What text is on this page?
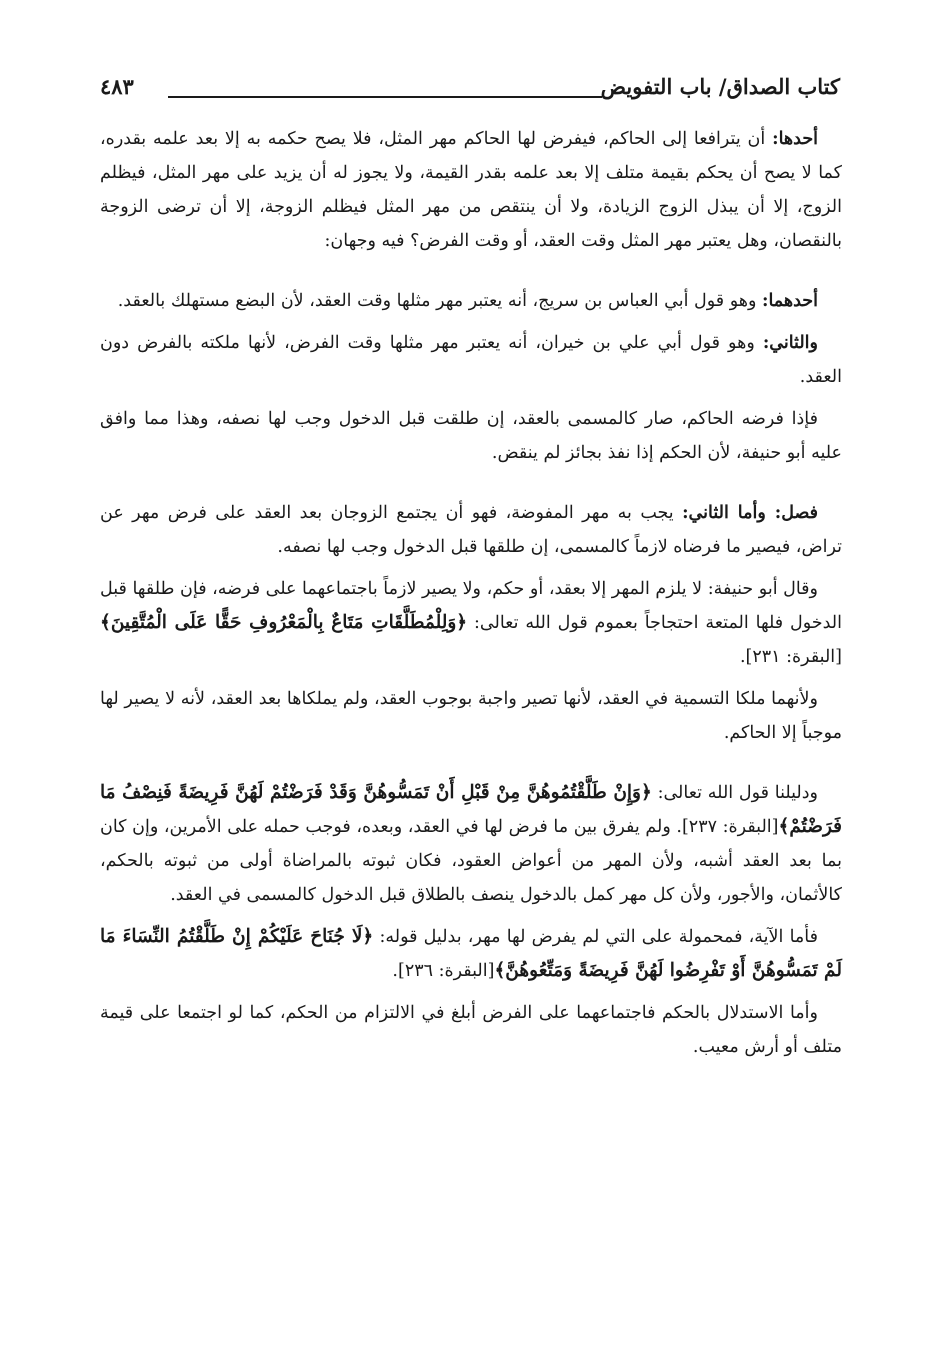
كتاب الصداق/ باب التفويض
٤٨٣

أحدها: أن يترافعا إلى الحاكم، فيفرض لها الحاكم مهر المثل، فلا يصح حكمه به إلا بعد علمه بقدره، كما لا يصح أن يحكم بقيمة متلف إلا بعد علمه بقدر القيمة، ولا يجوز له أن يزيد على مهر المثل، فيظلم الزوج، إلا أن يبذل الزوج الزيادة، ولا أن ينتقص من مهر المثل فيظلم الزوجة، إلا أن ترضى الزوجة بالنقصان، وهل يعتبر مهر المثل وقت العقد، أو وقت الفرض؟ فيه وجهان:

أحدهما: وهو قول أبي العباس بن سريج، أنه يعتبر مهر مثلها وقت العقد، لأن البضع مستهلك بالعقد.

والثاني: وهو قول أبي علي بن خيران، أنه يعتبر مهر مثلها وقت الفرض، لأنها ملكته بالفرض دون العقد.

فإذا فرضه الحاكم، صار كالمسمى بالعقد، إن طلقت قبل الدخول وجب لها نصفه، وهذا مما وافق عليه أبو حنيفة، لأن الحكم إذا نفذ بجائز لم ينقض.

فصل: وأما الثاني: يجب به مهر المفوضة، فهو أن يجتمع الزوجان بعد العقد على فرض مهر عن تراض، فيصير ما فرضاه لازماً كالمسمى، إن طلقها قبل الدخول وجب لها نصفه.

وقال أبو حنيفة: لا يلزم المهر إلا بعقد، أو حكم، ولا يصير لازماً باجتماعهما على فرضه، فإن طلقها قبل الدخول فلها المتعة احتجاجاً بعموم قول الله تعالى: ﴿وَلِلْمُطَلَّقَاتِ مَتَاعٌ بِالْمَعْرُوفِ حَقًّا عَلَى الْمُتَّقِينَ﴾[البقرة: ٢٣١].

ولأنهما ملكا التسمية في العقد، لأنها تصير واجبة بوجوب العقد، ولم يملكاها بعد العقد، لأنه لا يصير لها موجباً إلا الحاكم.

ودليلنا قول الله تعالى: ﴿وَإِنْ طَلَّقْتُمُوهُنَّ مِنْ قَبْلِ أَنْ تَمَسُّوهُنَّ وَقَدْ فَرَضْتُمْ لَهُنَّ فَرِيضَةً فَنِصْفُ مَا فَرَضْتُمْ﴾[البقرة: ٢٣٧]. ولم يفرق بين ما فرض لها في العقد، وبعده، فوجب حمله على الأمرين، وإن كان بما بعد العقد أشبه، ولأن المهر من أعواض العقود، فكان ثبوته بالمراضاة أولى من ثبوته بالحكم، كالأثمان، والأجور، ولأن كل مهر كمل بالدخول ينصف بالطلاق قبل الدخول كالمسمى في العقد.

فأما الآية، فمحمولة على التي لم يفرض لها مهر، بدليل قوله: ﴿لَا جُنَاحَ عَلَيْكُمْ إِنْ طَلَّقْتُمُ النِّسَاءَ مَا لَمْ تَمَسُّوهُنَّ أَوْ تَفْرِضُوا لَهُنَّ فَرِيضَةً وَمَتِّعُوهُنَّ﴾[البقرة: ٢٣٦].

وأما الاستدلال بالحكم فاجتماعهما على الفرض أبلغ في الالتزام من الحكم، كما لو اجتمعا على قيمة متلف أو أرش معيب.
